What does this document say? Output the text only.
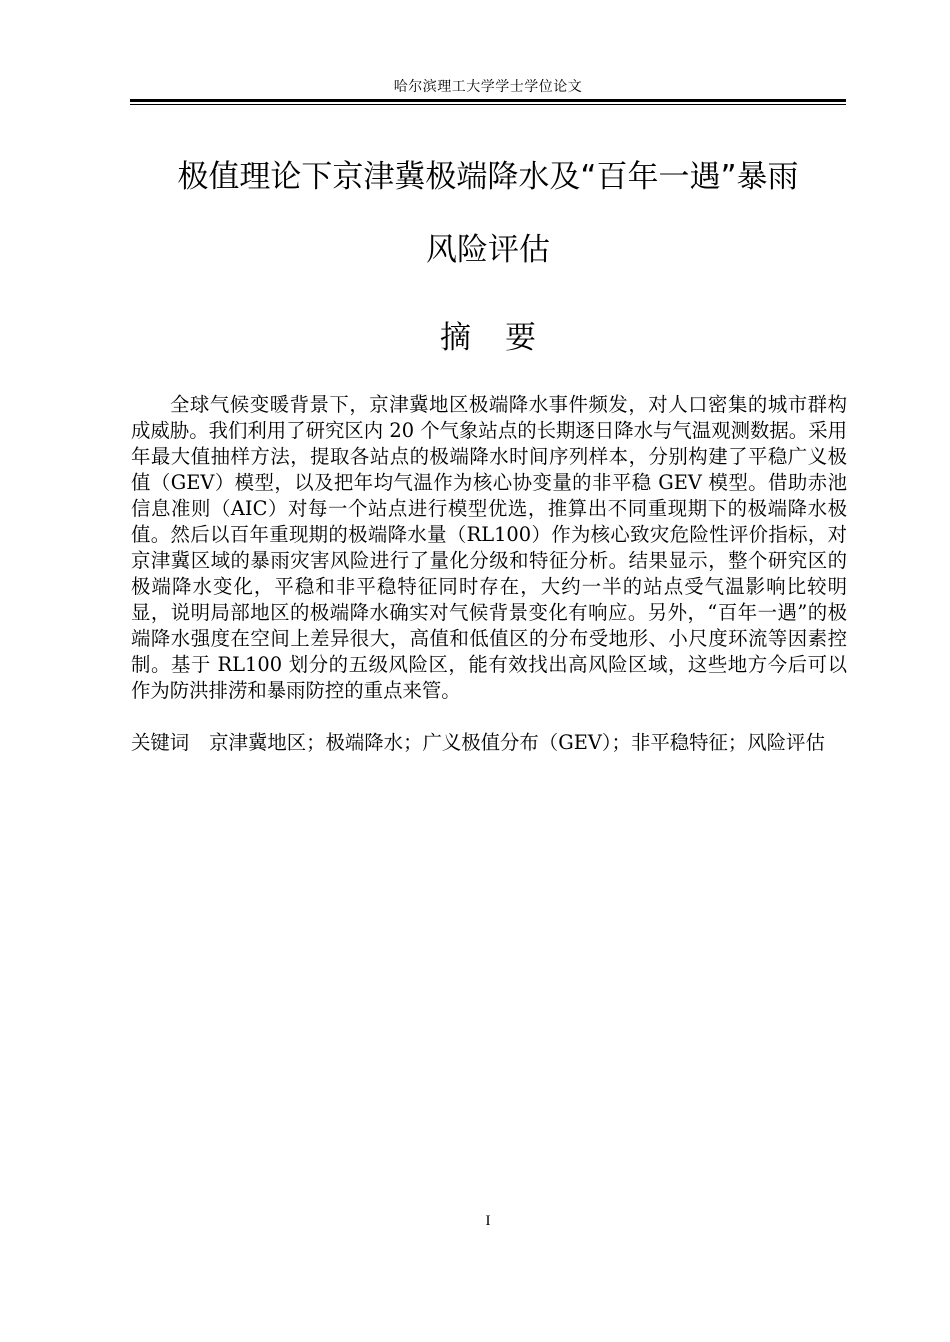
哈尔滨理工大学学士学位论文
极值理论下京津冀极端降水及“百年一遇”暴雨
风险评估
摘 要
全球气候变暖背景下，京津冀地区极端降水事件频发，对人口密集的城市群构成威胁。我们利用了研究区内 20 个气象站点的长期逐日降水与气温观测数据。采用年最大值抽样方法，提取各站点的极端降水时间序列样本，分别构建了平稳广义极值（GEV）模型，以及把年均气温作为核心协变量的非平稳 GEV 模型。借助赤池信息准则（AIC）对每一个站点进行模型优选，推算出不同重现期下的极端降水极值。然后以百年重现期的极端降水量（RL100）作为核心致灾危险性评价指标，对京津冀区域的暴雨灾害风险进行了量化分级和特征分析。结果显示，整个研究区的极端降水变化，平稳和非平稳特征同时存在，大约一半的站点受气温影响比较明显，说明局部地区的极端降水确实对气候背景变化有响应。另外，“百年一遇”的极端降水强度在空间上差异很大，高值和低值区的分布受地形、小尺度环流等因素控制。基于 RL100 划分的五级风险区，能有效找出高风险区域，这些地方今后可以作为防洪排涝和暴雨防控的重点来管。
关键词 京津冀地区；极端降水；广义极值分布（GEV）；非平稳特征；风险评估
I
